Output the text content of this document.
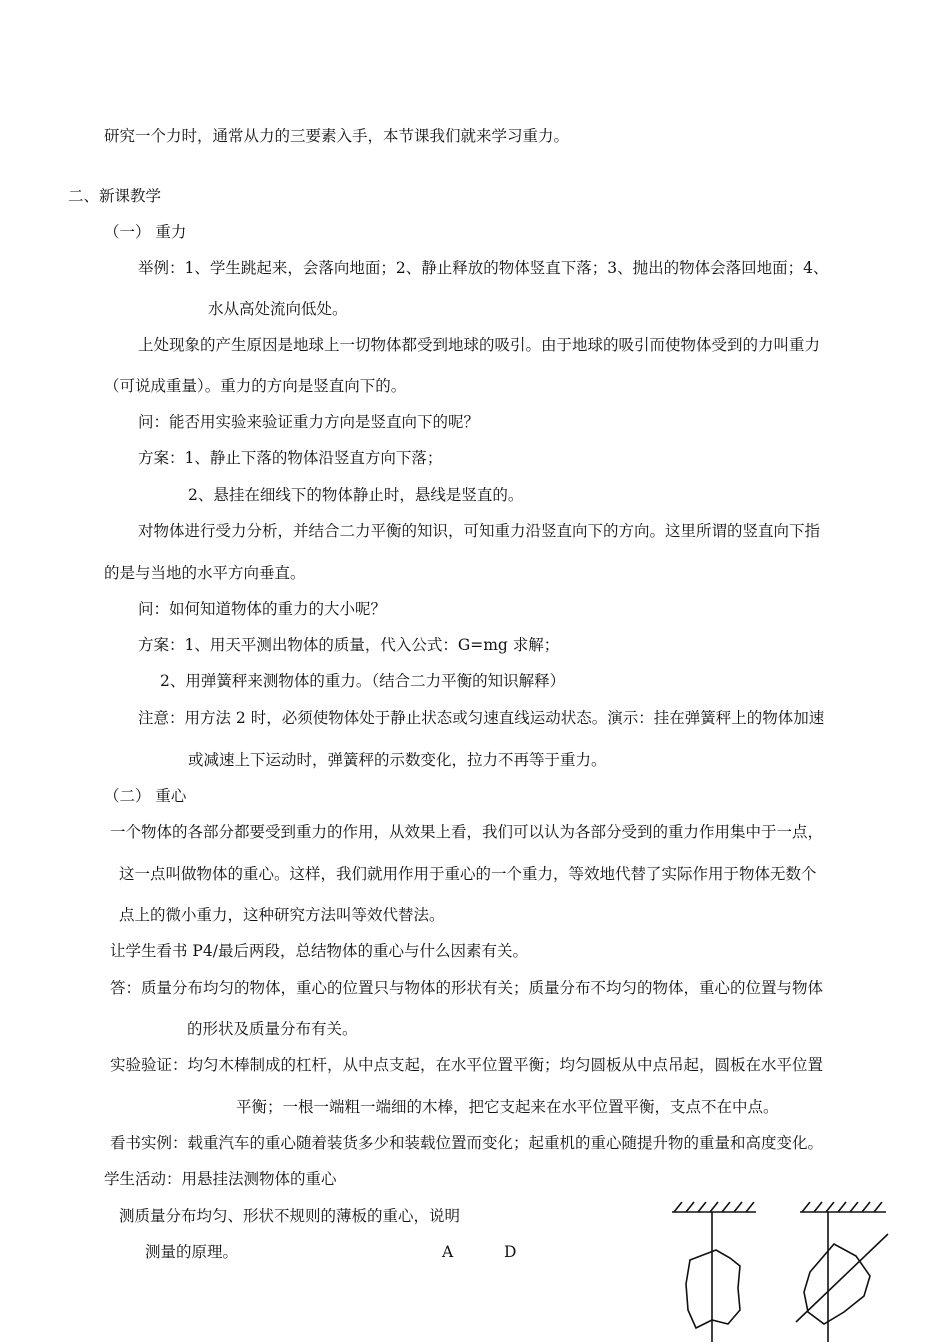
研究一个力时，通常从力的三要素入手，本节课我们就来学习重力。
二、新课教学
（一） 重力
举例：1、学生跳起来，会落向地面；2、静止释放的物体竖直下落；3、抛出的物体会落回地面；4、
水从高处流向低处。
上处现象的产生原因是地球上一切物体都受到地球的吸引。由于地球的吸引而使物体受到的力叫重力
（可说成重量）。重力的方向是竖直向下的。
问：能否用实验来验证重力方向是竖直向下的呢？
方案：1、静止下落的物体沿竖直方向下落；
2、悬挂在细线下的物体静止时，悬线是竖直的。
对物体进行受力分析，并结合二力平衡的知识，可知重力沿竖直向下的方向。这里所谓的竖直向下指
的是与当地的水平方向垂直。
问：如何知道物体的重力的大小呢？
方案：1、用天平测出物体的质量，代入公式：G=mg 求解；
2、用弹簧秤来测物体的重力。（结合二力平衡的知识解释）
注意：用方法 2 时，必须使物体处于静止状态或匀速直线运动状态。演示：挂在弹簧秤上的物体加速
或减速上下运动时，弹簧秤的示数变化，拉力不再等于重力。
（二） 重心
一个物体的各部分都要受到重力的作用，从效果上看，我们可以认为各部分受到的重力作用集中于一点，
这一点叫做物体的重心。这样，我们就用作用于重心的一个重力，等效地代替了实际作用于物体无数个
点上的微小重力，这种研究方法叫等效代替法。
让学生看书 P4/最后两段，总结物体的重心与什么因素有关。
答：质量分布均匀的物体，重心的位置只与物体的形状有关；质量分布不均匀的物体，重心的位置与物体
的形状及质量分布有关。
实验验证：均匀木棒制成的杠杆，从中点支起，在水平位置平衡；均匀圆板从中点吊起，圆板在水平位置
平衡；一根一端粗一端细的木棒，把它支起来在水平位置平衡，支点不在中点。
看书实例：载重汽车的重心随着装货多少和装载位置而变化；起重机的重心随提升物的重量和高度变化。
学生活动：用悬挂法测物体的重心
测质量分布均匀、形状不规则的薄板的重心，说明
测量的原理。	A	D
